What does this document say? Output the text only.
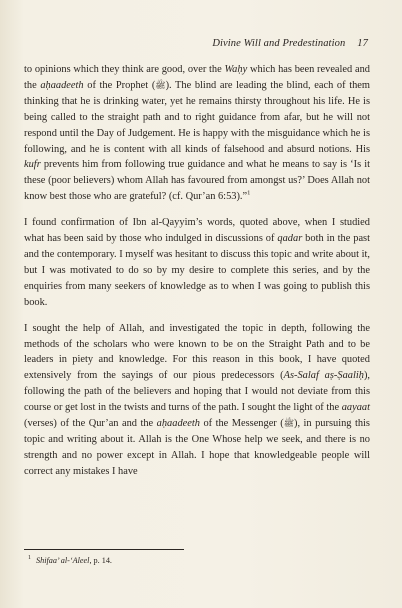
Divine Will and Predestination 17

to opinions which they think are good, over the Waḥy which has been revealed and the aḥaadeeth of the Prophet (ﷺ). The blind are leading the blind, each of them thinking that he is drinking water, yet he remains thirsty throughout his life. He is being called to the straight path and to right guidance from afar, but he will not respond until the Day of Judgement. He is happy with the misguidance which he is following, and he is content with all kinds of falsehood and absurd notions. His kufr prevents him from following true guidance and what he means to say is ‘Is it these (poor believers) whom Allah has favoured from amongst us?’ Does Allah not know best those who are grateful? (cf. Qur’an 6:53).”$^1$

I found confirmation of Ibn al-Qayyim’s words, quoted above, when I studied what has been said by those who indulged in discussions of qadar both in the past and the contemporary. I myself was hesitant to discuss this topic and write about it, but I was motivated to do so by my desire to complete this series, and by the enquiries from many seekers of knowledge as to when I was going to publish this book.

I sought the help of Allah, and investigated the topic in depth, following the methods of the scholars who were known to be on the Straight Path and to be leaders in piety and knowledge. For this reason in this book, I have quoted extensively from the sayings of our pious predecessors (As-Salaf aṣ-Ṣaaliḥ), following the path of the believers and hoping that I would not deviate from this course or get lost in the twists and turns of the path. I sought the light of the aayaat (verses) of the Qur’an and the aḥaadeeth of the Messenger (ﷺ), in pursuing this topic and writing about it. Allah is the One Whose help we seek, and there is no strength and no power except in Allah. I hope that knowledgeable people will correct any mistakes I have

$^1$ Shifaa’ al-‘Aleel, p. 14.
